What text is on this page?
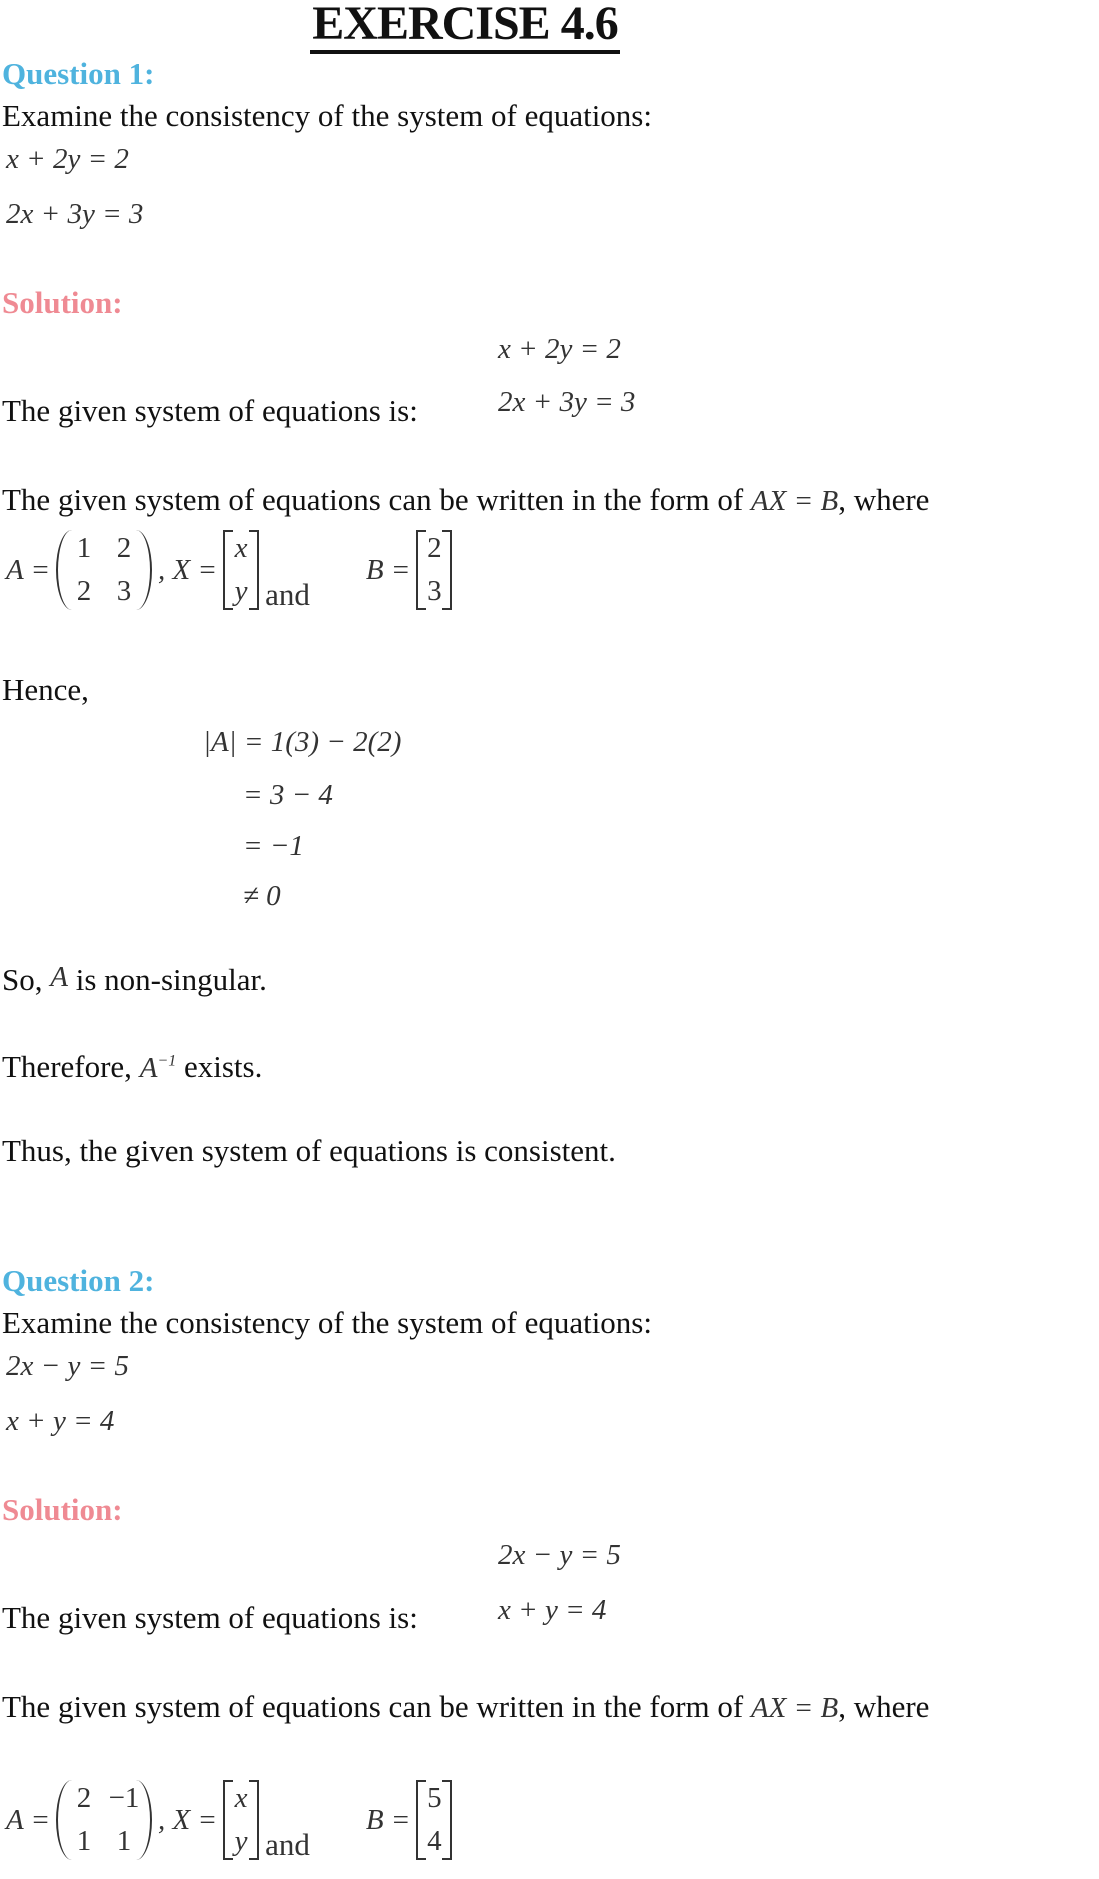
EXERCISE 4.6
Question 1:
Examine the consistency of the system of equations:
x + 2y = 2
2x + 3y = 3
Solution:
x + 2y = 2
The given system of equations is:	2x + 3y = 3
The given system of equations can be written in the form of AX = B, where
A =
1 2
2 3
, X =
x
y and
B =
2
3
Hence,
|A| = 1(3) − 2(2)
= 3 − 4
= −1
≠ 0
So, A is non-singular.
Therefore, $A^{-1}$ exists.
Thus, the given system of equations is consistent.
Question 2:
Examine the consistency of the system of equations:
2x − y = 5
x + y = 4
Solution:
2x − y = 5
The given system of equations is:	x + y = 4
The given system of equations can be written in the form of AX = B, where
A =
2 −1
1 1
, X =
x
y and
B =
5
4
